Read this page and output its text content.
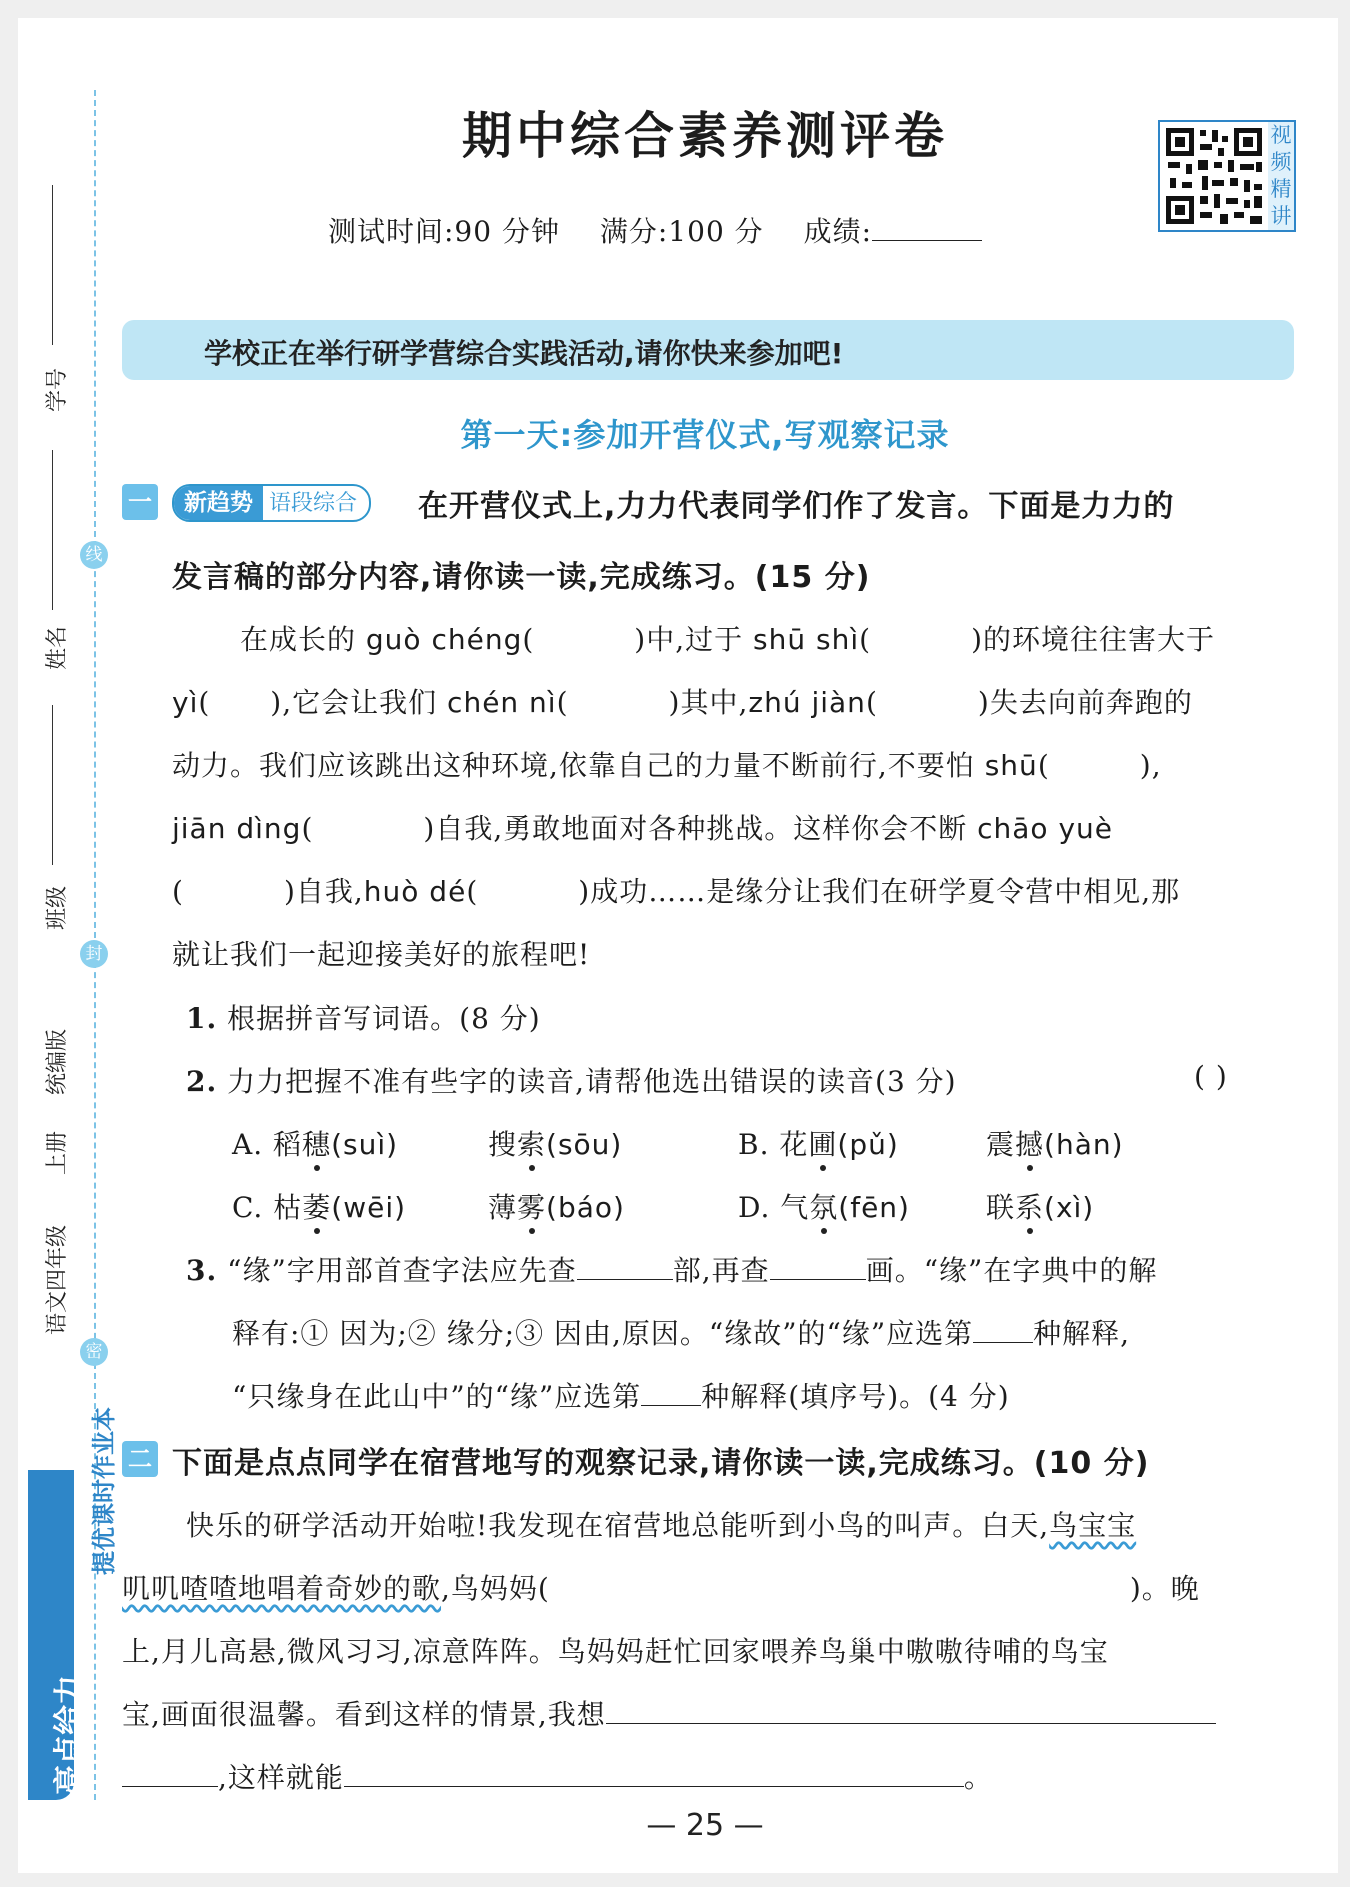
线
封
密
学号
姓名
班级
统编版
上册
语文四年级
亮点给力
提优课时作业本
期中综合素养测评卷
测试时间:90 分钟 满分:100 分 成绩:
视频精讲
学校正在举行研学营综合实践活动,请你快来参加吧!
第一天:参加开营仪式,写观察记录
一	新趋势 语段综合	在开营仪式上,力力代表同学们作了发言。下面是力力的
发言稿的部分内容,请你读一读,完成练习。(15 分)
在成长的 guò chéng(	)中,过于 shū shì(	)的环境往往害大于
yì( ),它会让我们 chén nì(	)其中,zhú jiàn(	)失去向前奔跑的
动力。我们应该跳出这种环境,依靠自己的力量不断前行,不要怕 shū(	),
jiān dìng(	)自我,勇敢地面对各种挑战。这样你会不断 chāo yuè
(	)自我,huò dé(	)成功……是缘分让我们在研学夏令营中相见,那
就让我们一起迎接美好的旅程吧!
1. 根据拼音写词语。(8 分)
2. 力力把握不准有些字的读音,请帮他选出错误的读音(3 分)	( )
A. 稻穗(suì)	搜索(sōu)	B. 花圃(pǔ)	震撼(hàn)
C. 枯萎(wēi)	薄雾(báo)	D. 气氛(fēn)	联系(xì)
3. “缘”字用部首查字法应先查	部,再查	画。“缘”在字典中的解
释有:① 因为;② 缘分;③ 因由,原因。“缘故”的“缘”应选第 种解释,
“只缘身在此山中”的“缘”应选第 种解释(填序号)。(4 分)
二 下面是点点同学在宿营地写的观察记录,请你读一读,完成练习。(10 分)
快乐的研学活动开始啦!我发现在宿营地总能听到小鸟的叫声。白天,鸟宝宝
叽叽喳喳地唱着奇妙的歌,鸟妈妈(	)。晚
上,月儿高悬,微风习习,凉意阵阵。鸟妈妈赶忙回家喂养鸟巢中嗷嗷待哺的鸟宝
宝,画面很温馨。看到这样的情景,我想
,这样就能	。
— 25 —
